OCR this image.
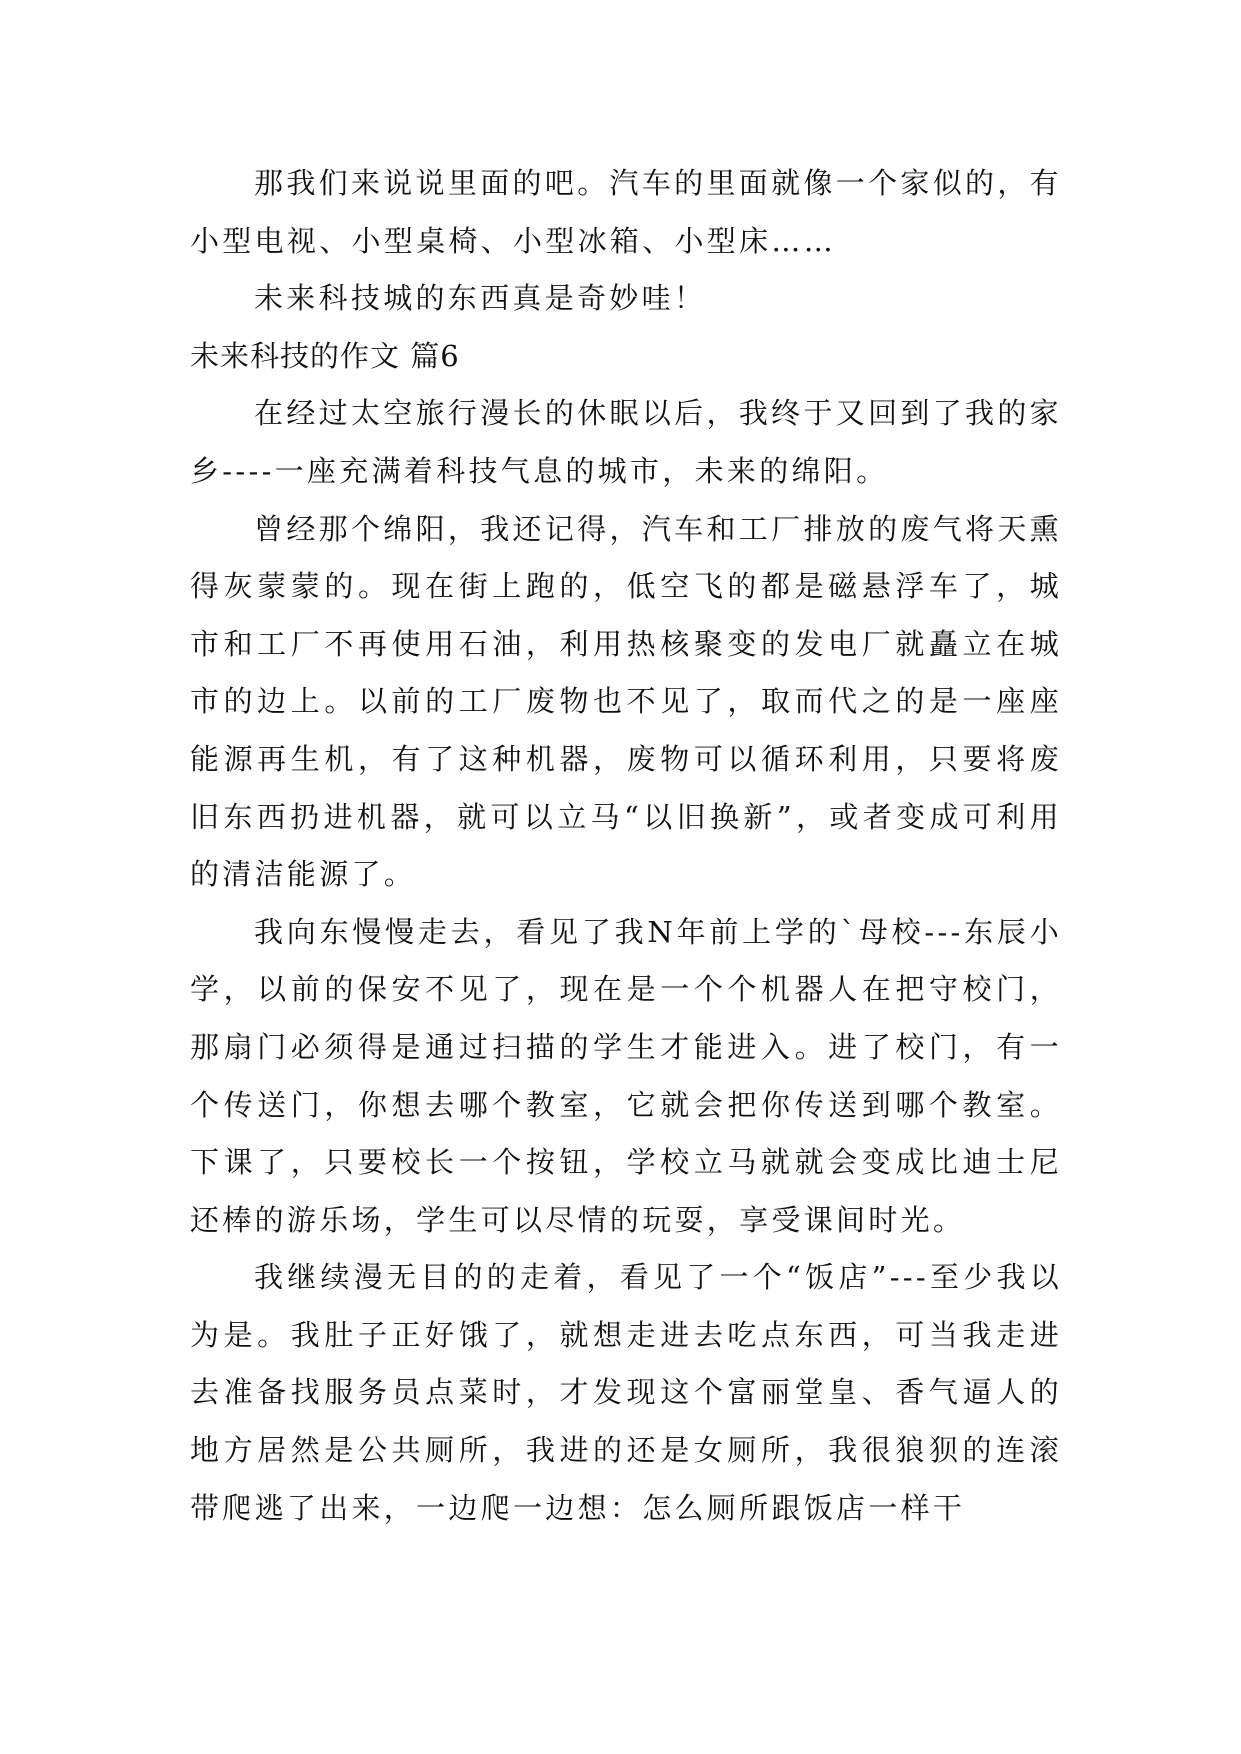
那我们来说说里面的吧。汽车的里面就像一个家似的，有小型电视、小型桌椅、小型冰箱、小型床……

未来科技城的东西真是奇妙哇！

未来科技的作文 篇6

在经过太空旅行漫长的休眠以后，我终于又回到了我的家乡----一座充满着科技气息的城市，未来的绵阳。

曾经那个绵阳，我还记得，汽车和工厂排放的废气将天熏得灰蒙蒙的。现在街上跑的，低空飞的都是磁悬浮车了，城市和工厂不再使用石油，利用热核聚变的发电厂就矗立在城市的边上。以前的工厂废物也不见了，取而代之的是一座座能源再生机，有了这种机器，废物可以循环利用，只要将废旧东西扔进机器，就可以立马“以旧换新”，或者变成可利用的清洁能源了。

我向东慢慢走去，看见了我N年前上学的`母校---东辰小学，以前的保安不见了，现在是一个个机器人在把守校门，那扇门必须得是通过扫描的学生才能进入。进了校门，有一个传送门，你想去哪个教室，它就会把你传送到哪个教室。下课了，只要校长一个按钮，学校立马就就会变成比迪士尼还棒的游乐场，学生可以尽情的玩耍，享受课间时光。

我继续漫无目的的走着，看见了一个“饭店”---至少我以为是。我肚子正好饿了，就想走进去吃点东西，可当我走进去准备找服务员点菜时，才发现这个富丽堂皇、香气逼人的地方居然是公共厕所，我进的还是女厕所，我很狼狈的连滚带爬逃了出来，一边爬一边想：怎么厕所跟饭店一样干
